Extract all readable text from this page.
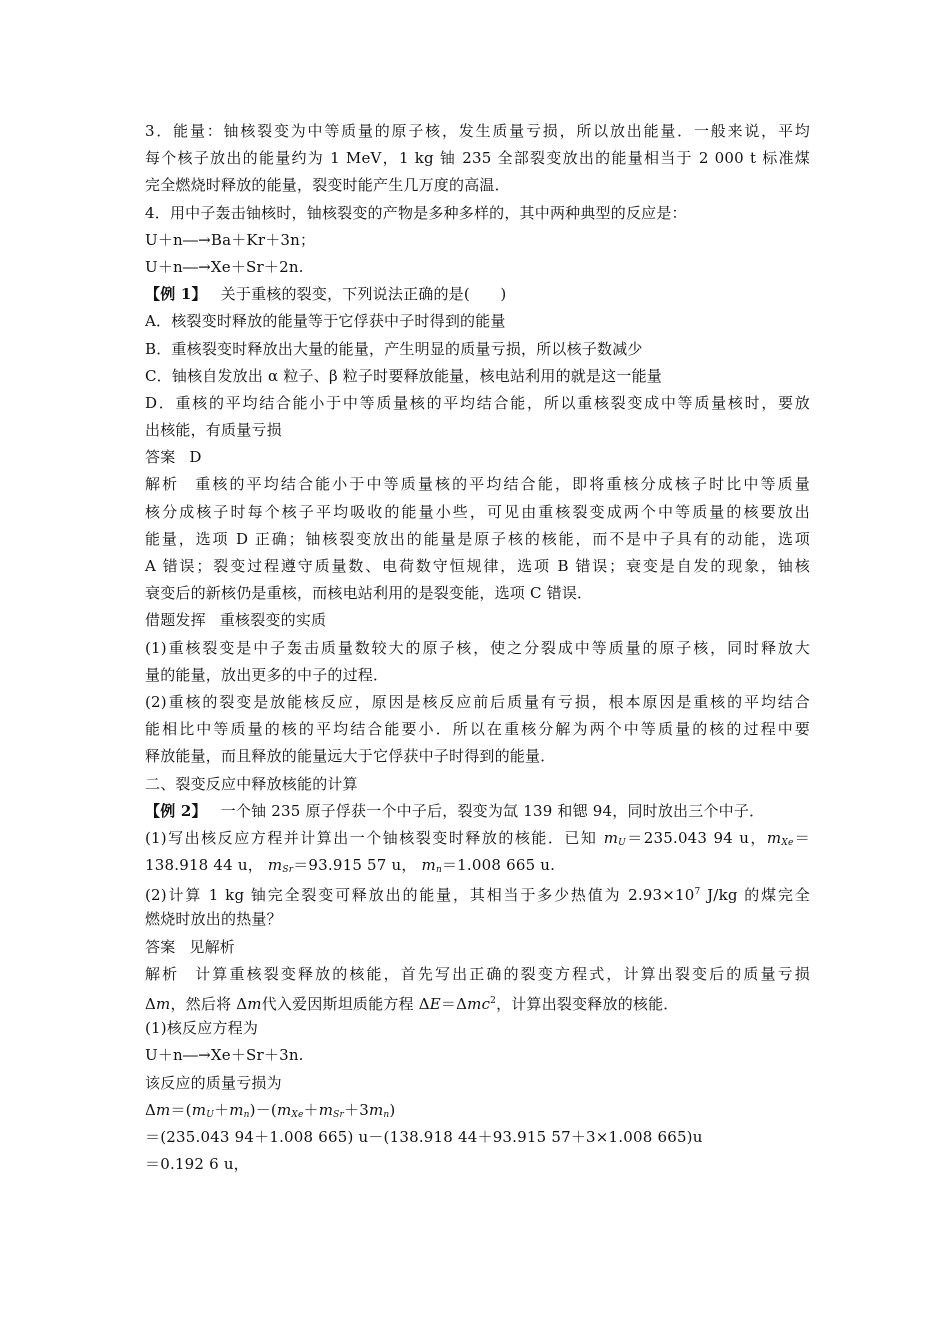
3．能量：铀核裂变为中等质量的原子核，发生质量亏损，所以放出能量．一般来说，平均
每个核子放出的能量约为 1 MeV，1 kg 铀 235 全部裂变放出的能量相当于 2 000 t 标准煤
完全燃烧时释放的能量，裂变时能产生几万度的高温．
4．用中子轰击铀核时，铀核裂变的产物是多种多样的，其中两种典型的反应是：
U＋n―→Ba＋Kr＋3n；
U＋n―→Xe＋Sr＋2n.
【例 1】 关于重核的裂变，下列说法正确的是(　　)
A．核裂变时释放的能量等于它俘获中子时得到的能量
B．重核裂变时释放出大量的能量，产生明显的质量亏损，所以核子数减少
C．铀核自发放出 α 粒子、β 粒子时要释放能量，核电站利用的就是这一能量
D．重核的平均结合能小于中等质量核的平均结合能，所以重核裂变成中等质量核时，要放
出核能，有质量亏损
答案 D
解析 重核的平均结合能小于中等质量核的平均结合能，即将重核分成核子时比中等质量
核分成核子时每个核子平均吸收的能量小些，可见由重核裂变成两个中等质量的核要放出
能量，选项 D 正确；铀核裂变放出的能量是原子核的核能，而不是中子具有的动能，选项
A 错误；裂变过程遵守质量数、电荷数守恒规律，选项 B 错误；衰变是自发的现象，铀核
衰变后的新核仍是重核，而核电站利用的是裂变能，选项 C 错误．
借题发挥 重核裂变的实质
(1)重核裂变是中子轰击质量数较大的原子核，使之分裂成中等质量的原子核，同时释放大
量的能量，放出更多的中子的过程．
(2)重核的裂变是放能核反应，原因是核反应前后质量有亏损，根本原因是重核的平均结合
能相比中等质量的核的平均结合能要小．所以在重核分解为两个中等质量的核的过程中要
释放能量，而且释放的能量远大于它俘获中子时得到的能量．
二、裂变反应中释放核能的计算
【例 2】 一个铀 235 原子俘获一个中子后，裂变为氙 139 和锶 94，同时放出三个中子．
(1)写出核反应方程并计算出一个铀核裂变时释放的核能．已知 $m_U=235.043$ 94 u，$m_{Xe}=$
138.918 44 u， $m_{Sr}=93.915$ 57 u， $m_n=1.008$ 665 u.
(2)计算 1 kg 铀完全裂变可释放出的能量，其相当于多少热值为 $2.93\times 10^7$ J/kg 的煤完全
燃烧时放出的热量？
答案 见解析
解析 计算重核裂变释放的核能，首先写出正确的裂变方程式，计算出裂变后的质量亏损
Δm，然后将 Δm代入爱因斯坦质能方程 ΔE＝Δmc$^2$，计算出裂变释放的核能．
(1)核反应方程为
U＋n―→Xe＋Sr＋3n.
该反应的质量亏损为
$\Delta m=(m_U+m_n)-(m_{Xe}+m_{Sr}+3m_n)$
＝(235.043 94＋1.008 665) u－(138.918 44＋93.915 57＋3×1.008 665)u
＝0.192 6 u，
